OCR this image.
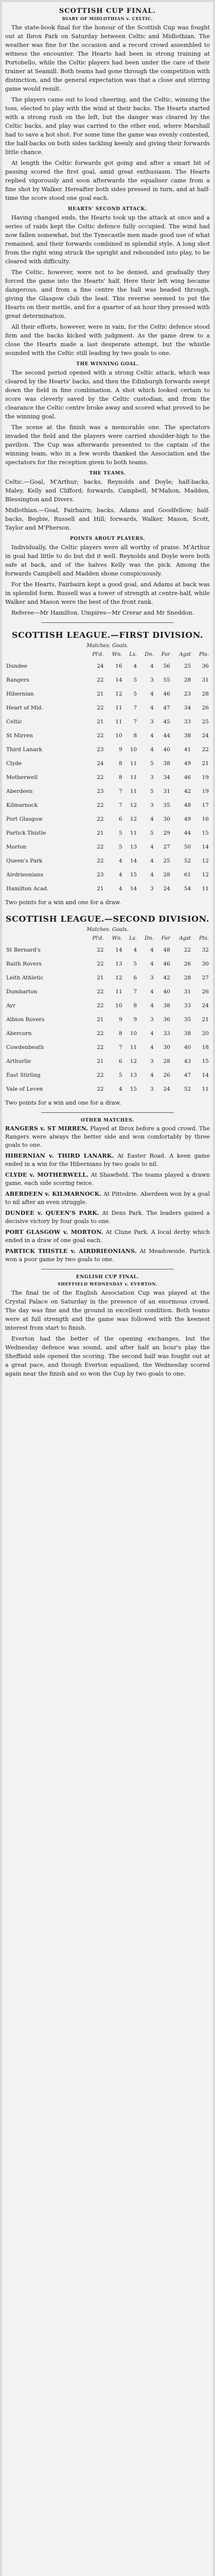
SCOTTISH CUP FINAL.
DIARY OF MIDLOTHIAN v. CELTIC.

The state-book final for the honour of the Scottish Cup was fought out at Ibrox Park on Saturday between Celtic and Midlothian. The weather was fine for the occasion and a record crowd assembled to witness the encounter. The Hearts had been in strong training at Portobello, while the Celtic players had been under the care of their trainer at Seamill. Both teams had gone through the competition with distinction, and the general expectation was that a close and stirring game would result.

The players came out to loud cheering, and the Celtic, winning the toss, elected to play with the wind at their backs. The Hearts started with a strong rush on the left, but the danger was cleared by the Celtic backs, and play was carried to the other end, where Marshall had to save a hot shot. For some time the game was evenly contested, the half-backs on both sides tackling keenly and giving their forwards little chance.

At length the Celtic forwards got going and after a smart bit of passing scored the first goal, amid great enthusiasm. The Hearts replied vigorously and soon afterwards the equaliser came from a fine shot by Walker. Hereafter both sides pressed in turn, and at half-time the score stood one goal each.

HEARTS' SECOND ATTACK.

Having changed ends, the Hearts took up the attack at once and a series of raids kept the Celtic defence fully occupied. The wind had now fallen somewhat, but the Tynecastle men made good use of what remained, and their forwards combined in splendid style. A long shot from the right wing struck the upright and rebounded into play, to be cleared with difficulty.

The Celtic, however, were not to be denied, and gradually they forced the game into the Hearts' half. Here their left wing became dangerous, and from a fine centre the ball was headed through, giving the Glasgow club the lead. This reverse seemed to put the Hearts on their mettle, and for a quarter of an hour they pressed with great determination.

All their efforts, however, were in vain, for the Celtic defence stood firm and the backs kicked with judgment. As the game drew to a close the Hearts made a last desperate attempt, but the whistle sounded with the Celtic still leading by two goals to one.

THE WINNING GOAL.

The second period opened with a strong Celtic attack, which was cleared by the Hearts' backs, and then the Edinburgh forwards swept down the field in fine combination. A shot which looked certain to score was cleverly saved by the Celtic custodian, and from the clearance the Celtic centre broke away and scored what proved to be the winning goal.

The scene at the finish was a memorable one. The spectators invaded the field and the players were carried shoulder-high to the pavilion. The Cup was afterwards presented to the captain of the winning team, who in a few words thanked the Association and the spectators for the reception given to both teams.

THE TEAMS.

Celtic.—Goal, M'Arthur; backs, Reynolds and Doyle; half-backs, Maley, Kelly and Clifford; forwards, Campbell, M'Mahon, Madden, Blessington and Divers.

Midlothian.—Goal, Fairbairn; backs, Adams and Goodfellow; half-backs, Begbie, Russell and Hill; forwards, Walker, Mason, Scott, Taylor and M'Pherson.

POINTS ABOUT PLAYERS.

Individually, the Celtic players were all worthy of praise. M'Arthur in goal had little to do but did it well. Reynolds and Doyle were both safe at back, and of the halves Kelly was the pick. Among the forwards Campbell and Madden shone conspicuously.

For the Hearts, Fairbairn kept a good goal, and Adams at back was in splendid form. Russell was a tower of strength at centre-half, while Walker and Mason were the best of the front rank.

Referee—Mr Hamilton. Umpires—Mr Crerar and Mr Sneddon.

SCOTTISH LEAGUE.—FIRST DIVISION.
Matches. Goals.
	Pl'd.	Wn.	Ls.	Dn.	For	Agst	Pts.
Dundee	24	16	4	4	56	25	36
Rangers	22	14	5	3	55	28	31
Hibernian	21	12	5	4	46	23	28
Heart of Mid.	22	11	7	4	47	34	26
Celtic	21	11	7	3	45	33	25
St Mirren	22	10	8	4	44	38	24
Third Lanark	23	9	10	4	40	41	22
Clyde	24	8	11	5	38	49	21
Motherwell	22	8	11	3	34	46	19
Aberdeen	23	7	11	5	31	42	19
Kilmarnock	22	7	12	3	35	48	17
Port Glasgow	22	6	12	4	30	49	16
Partick Thistle	21	5	11	5	29	44	15
Morton	22	5	13	4	27	50	14
Queen's Park	22	4	14	4	25	52	12
Airdrieonians	23	4	15	4	28	61	12
Hamilton Acad.	21	4	14	3	24	54	11

Two points for a win and one for a draw.

SCOTTISH LEAGUE.—SECOND DIVISION.
Matches. Goals.
	Pl'd.	Wn.	Ls.	Dn.	For	Agst	Pts.
St Bernard's	22	14	4	4	48	22	32
Raith Rovers	22	13	5	4	46	26	30
Leith Athletic	21	12	6	3	42	28	27
Dumbarton	22	11	7	4	40	31	26
Ayr	22	10	8	4	38	33	24
Albion Rovers	21	9	9	3	36	35	21
Abercorn	22	8	10	4	33	38	20
Cowdenbeath	22	7	11	4	30	40	18
Arthurlie	21	6	12	3	28	43	15
East Stirling	22	5	13	4	26	47	14
Vale of Leven	22	4	15	3	24	52	11

Two points for a win and one for a draw.

OTHER MATCHES.

RANGERS v. ST MIRREN. Played at Ibrox before a good crowd. The Rangers were always the better side and won comfortably by three goals to one.

HIBERNIAN v. THIRD LANARK. At Easter Road. A keen game ended in a win for the Hibernians by two goals to nil.

CLYDE v. MOTHERWELL. At Shawfield. The teams played a drawn game, each side scoring twice.

ABERDEEN v. KILMARNOCK. At Pittodrie. Aberdeen won by a goal to nil after an even struggle.

DUNDEE v. QUEEN'S PARK. At Dens Park. The leaders gained a decisive victory by four goals to one.

PORT GLASGOW v. MORTON. At Clune Park. A local derby which ended in a draw of one goal each.

PARTICK THISTLE v. AIRDRIEONIANS. At Meadowside. Partick won a poor game by two goals to one.

ENGLISH CUP FINAL.
SHEFFIELD WEDNESDAY v. EVERTON.

The final tie of the English Association Cup was played at the Crystal Palace on Saturday in the presence of an enormous crowd. The day was fine and the ground in excellent condition. Both teams were at full strength and the game was followed with the keenest interest from start to finish.

Everton had the better of the opening exchanges, but the Wednesday defence was sound, and after half an hour's play the Sheffield side opened the scoring. The second half was fought out at a great pace, and though Everton equalised, the Wednesday scored again near the finish and so won the Cup by two goals to one.
